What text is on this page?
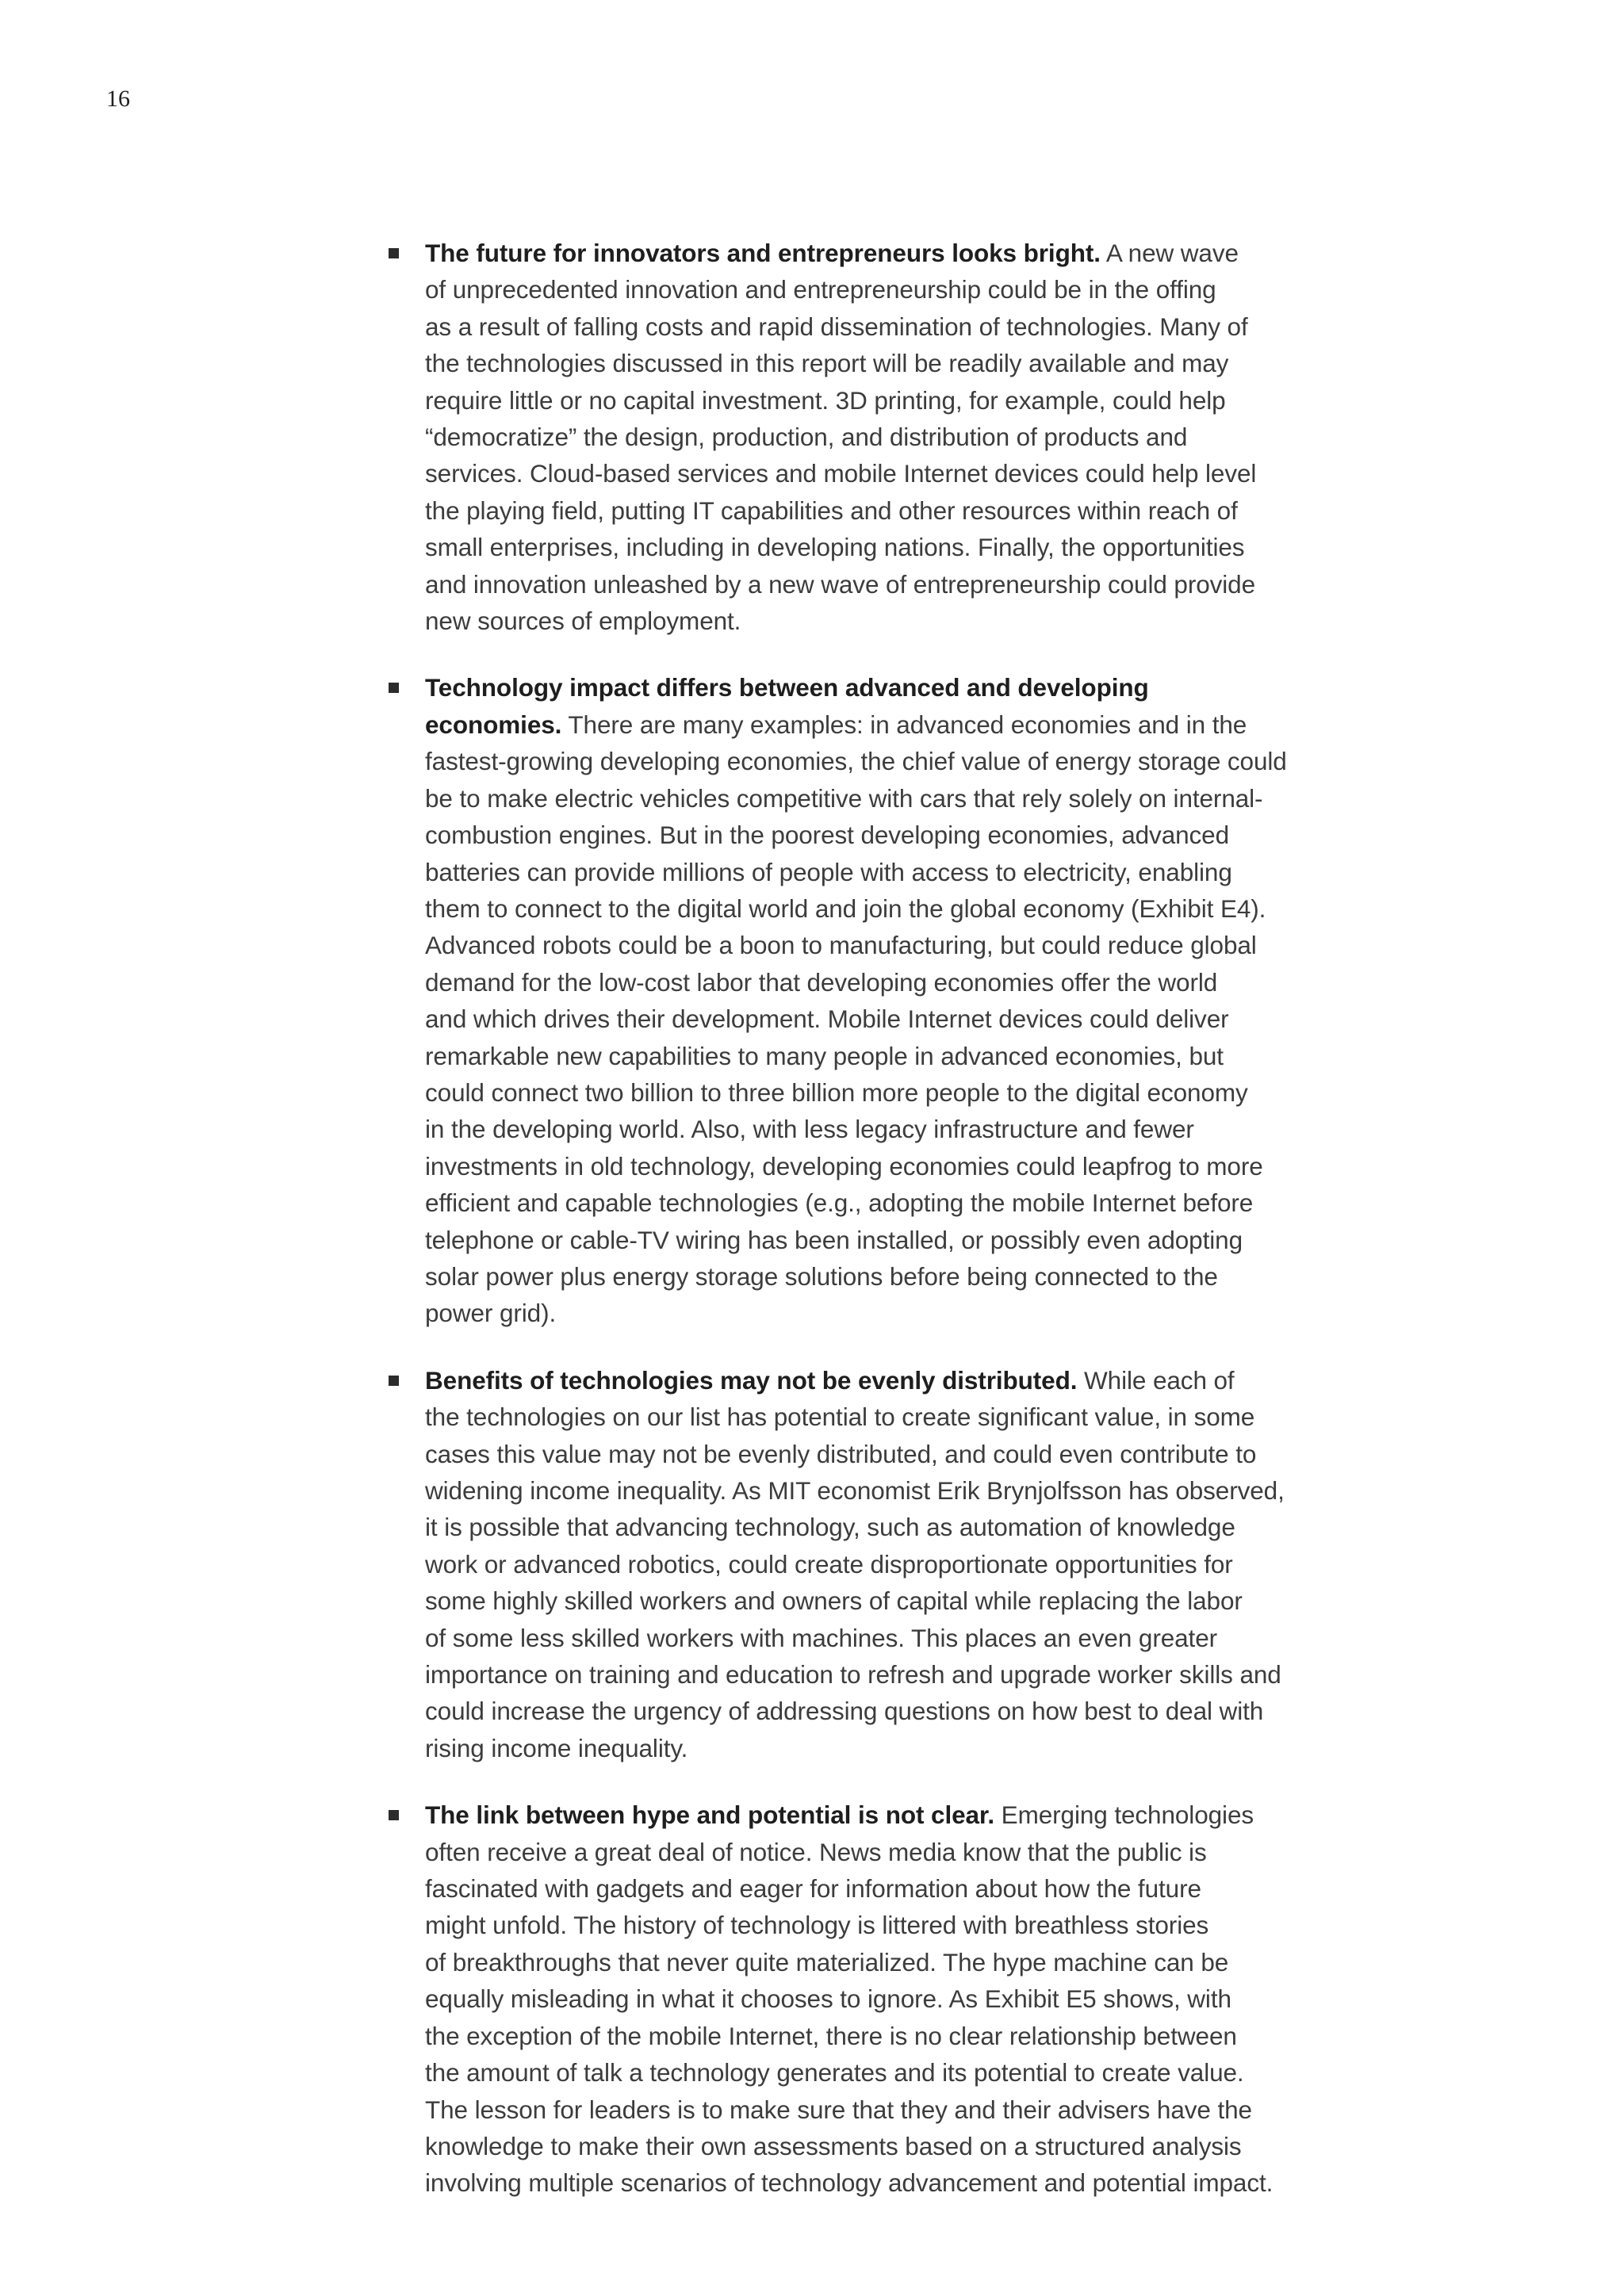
16
The future for innovators and entrepreneurs looks bright. A new wave
of unprecedented innovation and entrepreneurship could be in the offing
as a result of falling costs and rapid dissemination of technologies. Many of
the technologies discussed in this report will be readily available and may
require little or no capital investment. 3D printing, for example, could help
“democratize” the design, production, and distribution of products and
services. Cloud-based services and mobile Internet devices could help level
the playing field, putting IT capabilities and other resources within reach of
small enterprises, including in developing nations. Finally, the opportunities
and innovation unleashed by a new wave of entrepreneurship could provide
new sources of employment.
Technology impact differs between advanced and developing
economies. There are many examples: in advanced economies and in the
fastest-growing developing economies, the chief value of energy storage could
be to make electric vehicles competitive with cars that rely solely on internal-
combustion engines. But in the poorest developing economies, advanced
batteries can provide millions of people with access to electricity, enabling
them to connect to the digital world and join the global economy (Exhibit E4).
Advanced robots could be a boon to manufacturing, but could reduce global
demand for the low-cost labor that developing economies offer the world
and which drives their development. Mobile Internet devices could deliver
remarkable new capabilities to many people in advanced economies, but
could connect two billion to three billion more people to the digital economy
in the developing world. Also, with less legacy infrastructure and fewer
investments in old technology, developing economies could leapfrog to more
efficient and capable technologies (e.g., adopting the mobile Internet before
telephone or cable-TV wiring has been installed, or possibly even adopting
solar power plus energy storage solutions before being connected to the
power grid).
Benefits of technologies may not be evenly distributed. While each of
the technologies on our list has potential to create significant value, in some
cases this value may not be evenly distributed, and could even contribute to
widening income inequality. As MIT economist Erik Brynjolfsson has observed,
it is possible that advancing technology, such as automation of knowledge
work or advanced robotics, could create disproportionate opportunities for
some highly skilled workers and owners of capital while replacing the labor
of some less skilled workers with machines. This places an even greater
importance on training and education to refresh and upgrade worker skills and
could increase the urgency of addressing questions on how best to deal with
rising income inequality.
The link between hype and potential is not clear. Emerging technologies
often receive a great deal of notice. News media know that the public is
fascinated with gadgets and eager for information about how the future
might unfold. The history of technology is littered with breathless stories
of breakthroughs that never quite materialized. The hype machine can be
equally misleading in what it chooses to ignore. As Exhibit E5 shows, with
the exception of the mobile Internet, there is no clear relationship between
the amount of talk a technology generates and its potential to create value.
The lesson for leaders is to make sure that they and their advisers have the
knowledge to make their own assessments based on a structured analysis
involving multiple scenarios of technology advancement and potential impact.
